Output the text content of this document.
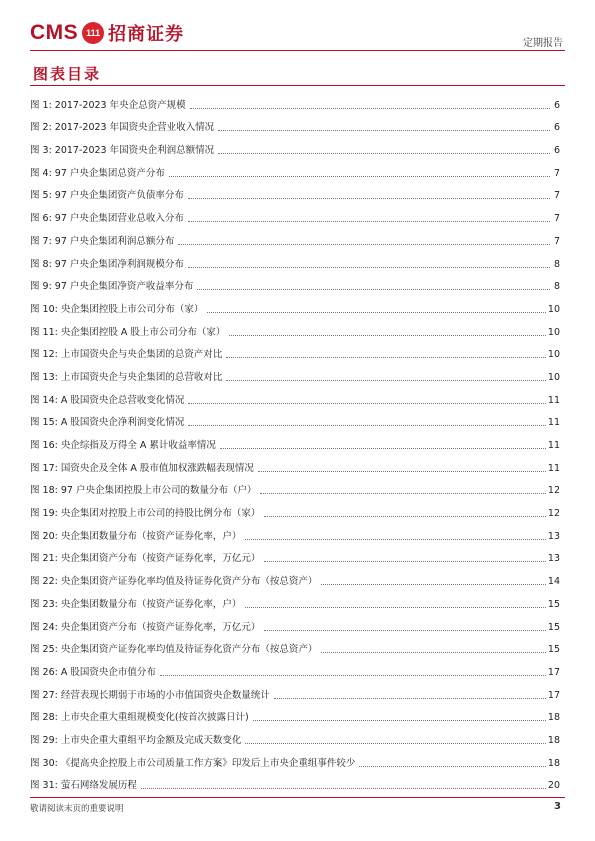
CMS 111 招商证券	定期报告
图表目录
图 1: 2017-2023 年央企总资产规模	6
图 2: 2017-2023 年国资央企营业收入情况	6
图 3: 2017-2023 年国资央企利润总额情况	6
图 4: 97 户央企集团总资产分布	7
图 5: 97 户央企集团资产负债率分布	7
图 6: 97 户央企集团营业总收入分布	7
图 7: 97 户央企集团利润总额分布	7
图 8: 97 户央企集团净利润规模分布	8
图 9: 97 户央企集团净资产收益率分布	8
图 10: 央企集团控股上市公司分布（家）	10
图 11: 央企集团控股 A 股上市公司分布（家）	10
图 12: 上市国资央企与央企集团的总资产对比	10
图 13: 上市国资央企与央企集团的总营收对比	10
图 14: A 股国资央企总营收变化情况	11
图 15: A 股国资央企净利润变化情况	11
图 16: 央企综指及万得全 A 累计收益率情况	11
图 17: 国资央企及全体 A 股市值加权涨跌幅表现情况	11
图 18: 97 户央企集团控股上市公司的数量分布（户）	12
图 19: 央企集团对控股上市公司的持股比例分布（家）	12
图 20: 央企集团数量分布（按资产证券化率，户）	13
图 21: 央企集团资产分布（按资产证券化率，万亿元）	13
图 22: 央企集团资产证券化率均值及待证券化资产分布（按总资产）	14
图 23: 央企集团数量分布（按资产证券化率，户）	15
图 24: 央企集团资产分布（按资产证券化率，万亿元）	15
图 25: 央企集团资产证券化率均值及待证券化资产分布（按总资产）	15
图 26: A 股国资央企市值分布	17
图 27: 经营表现长期弱于市场的小市值国资央企数量统计	17
图 28: 上市央企重大重组规模变化(按首次披露日计)	18
图 29: 上市央企重大重组平均金额及完成天数变化	18
图 30: 《提高央企控股上市公司质量工作方案》印发后上市央企重组事件较少	18
图 31: 萤石网络发展历程	20
敬请阅读末页的重要说明	3
